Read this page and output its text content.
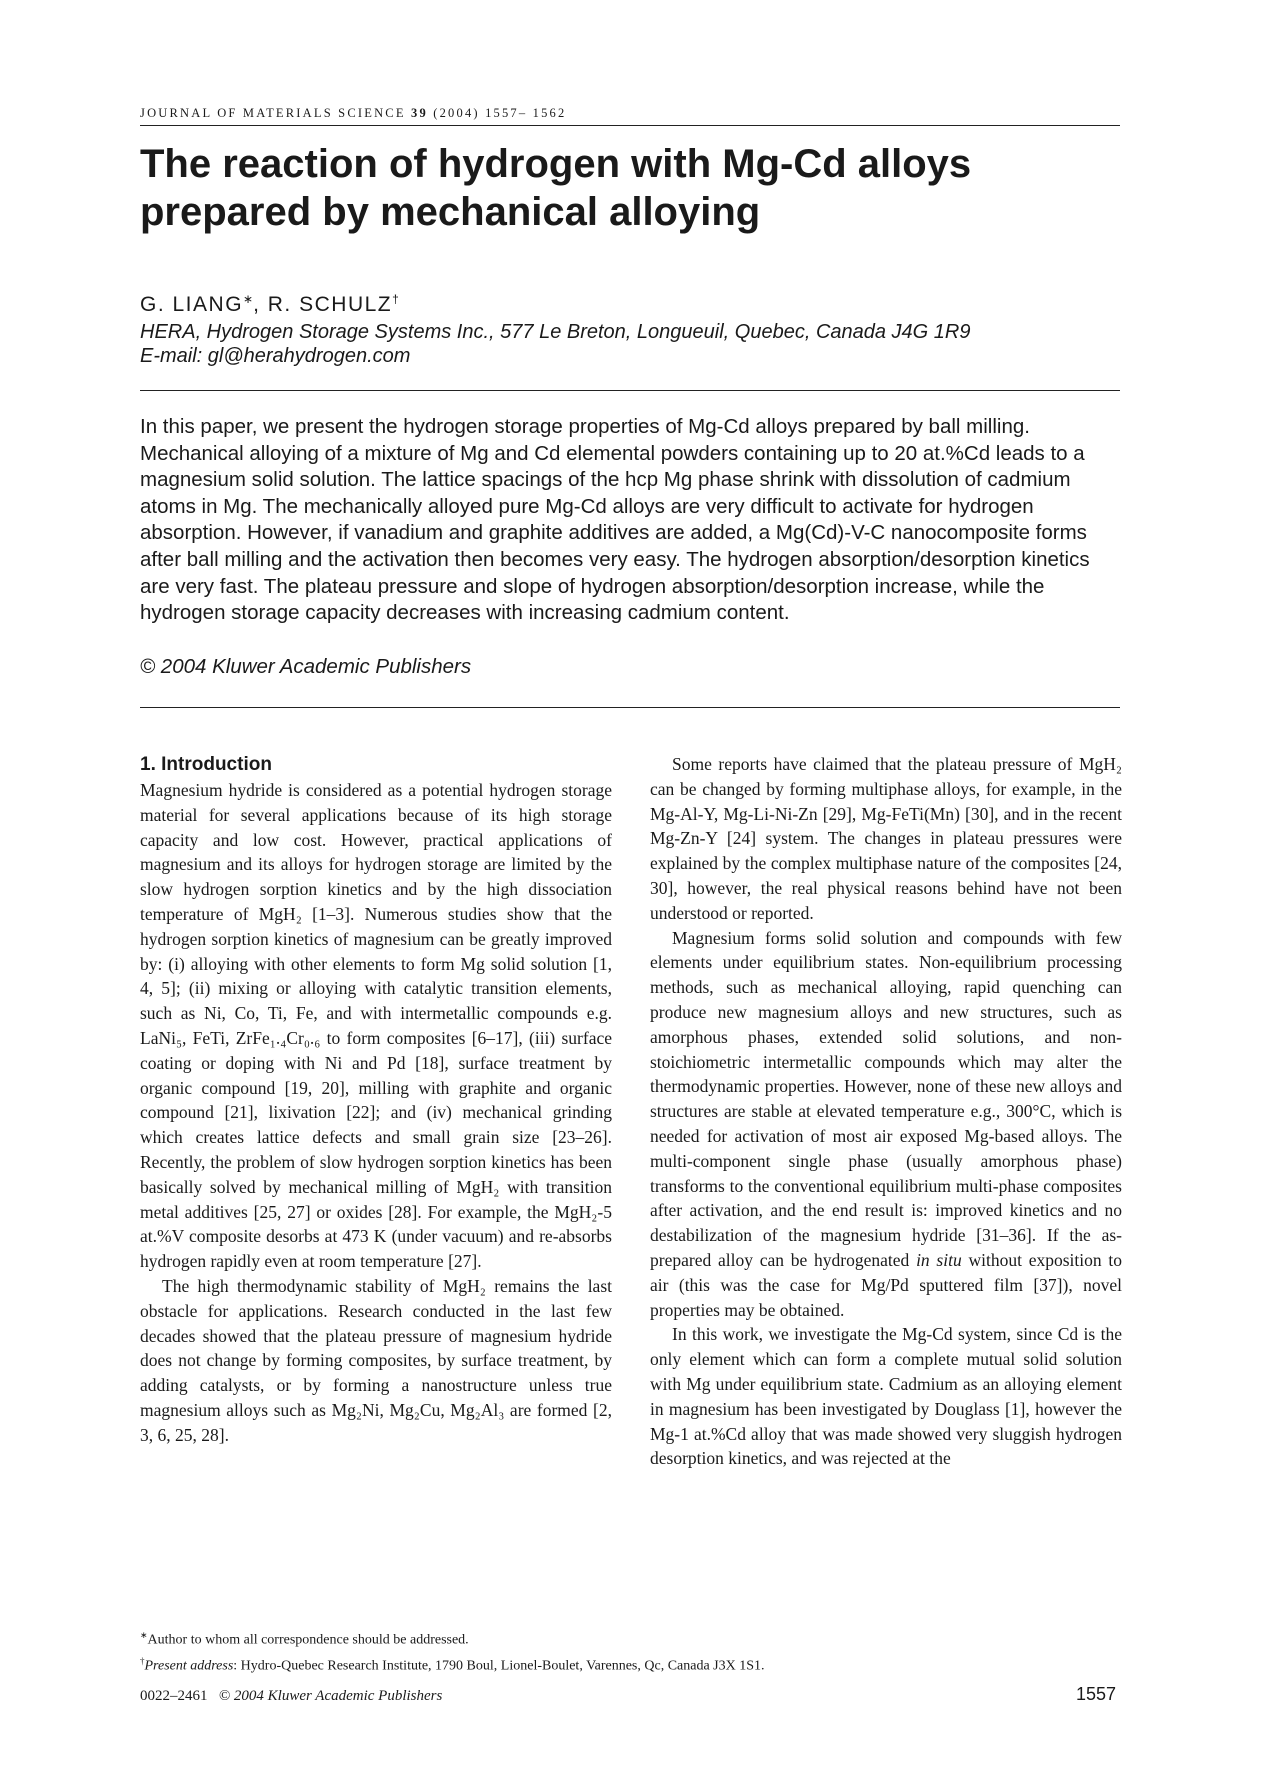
JOURNAL OF MATERIALS SCIENCE 39 (2004) 1557– 1562
The reaction of hydrogen with Mg-Cd alloys
prepared by mechanical alloying
G. LIANG∗, R. SCHULZ†
HERA, Hydrogen Storage Systems Inc., 577 Le Breton, Longueuil, Quebec, Canada J4G 1R9
E-mail: gl@herahydrogen.com

In this paper, we present the hydrogen storage properties of Mg-Cd alloys prepared by ball milling. Mechanical alloying of a mixture of Mg and Cd elemental powders containing up to 20 at.%Cd leads to a magnesium solid solution. The lattice spacings of the hcp Mg phase shrink with dissolution of cadmium atoms in Mg. The mechanically alloyed pure Mg-Cd alloys are very difficult to activate for hydrogen absorption. However, if vanadium and graphite additives are added, a Mg(Cd)-V-C nanocomposite forms after ball milling and the activation then becomes very easy. The hydrogen absorption/desorption kinetics are very fast. The plateau pressure and slope of hydrogen absorption/desorption increase, while the hydrogen storage capacity decreases with increasing cadmium content.

© 2004 Kluwer Academic Publishers
1. Introduction

Magnesium hydride is considered as a potential hydrogen storage material for several applications because of its high storage capacity and low cost. However, practical applications of magnesium and its alloys for hydrogen storage are limited by the slow hydrogen sorption kinetics and by the high dissociation temperature of MgH₂ [1–3]. Numerous studies show that the hydrogen sorption kinetics of magnesium can be greatly improved by: (i) alloying with other elements to form Mg solid solution [1, 4, 5]; (ii) mixing or alloying with catalytic transition elements, such as Ni, Co, Ti, Fe, and with intermetallic compounds e.g. LaNi₅, FeTi, ZrFe₁.₄Cr₀.₆ to form composites [6–17], (iii) surface coating or doping with Ni and Pd [18], surface treatment by organic compound [19, 20], milling with graphite and organic compound [21], lixivation [22]; and (iv) mechanical grinding which creates lattice defects and small grain size [23–26]. Recently, the problem of slow hydrogen sorption kinetics has been basically solved by mechanical milling of MgH₂ with transition metal additives [25, 27] or oxides [28]. For example, the MgH₂-5 at.%V composite desorbs at 473 K (under vacuum) and re-absorbs hydrogen rapidly even at room temperature [27].

The high thermodynamic stability of MgH₂ remains the last obstacle for applications. Research conducted in the last few decades showed that the plateau pressure of magnesium hydride does not change by forming composites, by surface treatment, by adding catalysts, or by forming a nanostructure unless true magnesium alloys such as Mg₂Ni, Mg₂Cu, Mg₂Al₃ are formed [2, 3, 6, 25, 28].

Some reports have claimed that the plateau pressure of MgH₂ can be changed by forming multiphase alloys, for example, in the Mg-Al-Y, Mg-Li-Ni-Zn [29], Mg-FeTi(Mn) [30], and in the recent Mg-Zn-Y [24] system. The changes in plateau pressures were explained by the complex multiphase nature of the composites [24, 30], however, the real physical reasons behind have not been understood or reported.

Magnesium forms solid solution and compounds with few elements under equilibrium states. Non-equilibrium processing methods, such as mechanical alloying, rapid quenching can produce new magnesium alloys and new structures, such as amorphous phases, extended solid solutions, and non-stoichiometric intermetallic compounds which may alter the thermodynamic properties. However, none of these new alloys and structures are stable at elevated temperature e.g., 300°C, which is needed for activation of most air exposed Mg-based alloys. The multi-component single phase (usually amorphous phase) transforms to the conventional equilibrium multi-phase composites after activation, and the end result is: improved kinetics and no destabilization of the magnesium hydride [31–36]. If the as-prepared alloy can be hydrogenated in situ without exposition to air (this was the case for Mg/Pd sputtered film [37]), novel properties may be obtained.

In this work, we investigate the Mg-Cd system, since Cd is the only element which can form a complete mutual solid solution with Mg under equilibrium state. Cadmium as an alloying element in magnesium has been investigated by Douglass [1], however the Mg-1 at.%Cd alloy that was made showed very sluggish hydrogen desorption kinetics, and was rejected at the

∗Author to whom all correspondence should be addressed.
†Present address: Hydro-Quebec Research Institute, 1790 Boul, Lionel-Boulet, Varennes, Qc, Canada J3X 1S1.
0022–2461 © 2004 Kluwer Academic Publishers	1557
